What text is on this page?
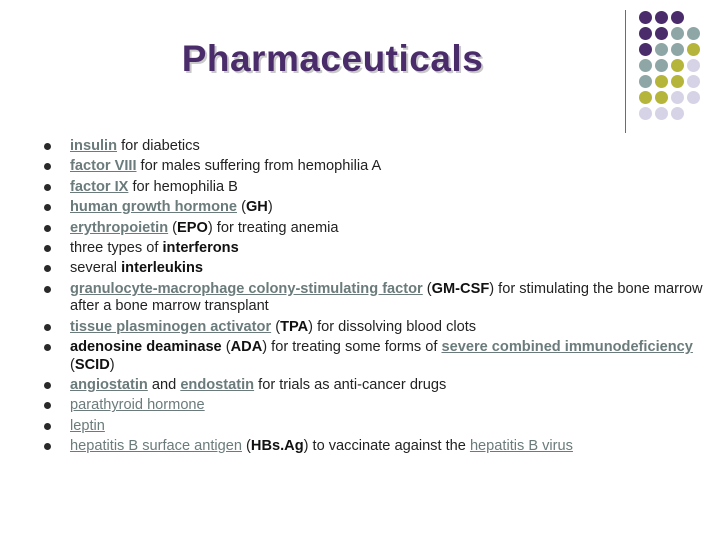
Pharmaceuticals
insulin for diabetics
factor VIII for males suffering from hemophilia A
factor IX for hemophilia B
human growth hormone (GH)
erythropoietin (EPO) for treating anemia
three types of interferons
several interleukins
granulocyte-macrophage colony-stimulating factor (GM-CSF) for stimulating the bone marrow after a bone marrow transplant
tissue plasminogen activator (TPA) for dissolving blood clots
adenosine deaminase (ADA) for treating some forms of severe combined immunodeficiency (SCID)
angiostatin and endostatin for trials as anti-cancer drugs
parathyroid hormone
leptin
hepatitis B surface antigen (HBs.Ag) to vaccinate against the hepatitis B virus
